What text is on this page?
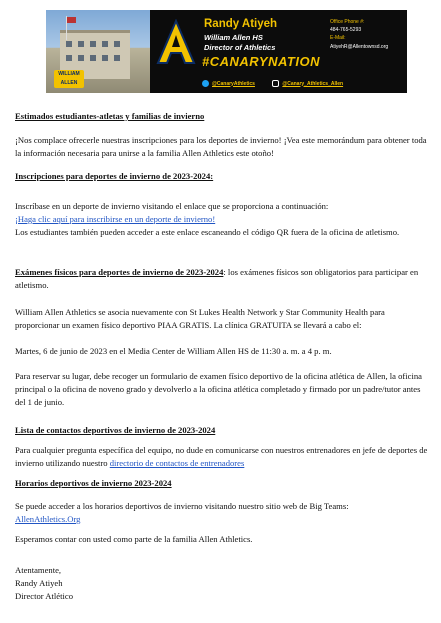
WILLIAM ALLEN
Randy Atiyeh
William Allen HS
Director of Athletics
#CANARYNATION
Office Phone #:
484-765-5293
E-Mail:
AtiyehR@Allentownsd.org
@CanaryAthletics	@Canary_Athletics_Allen

Estimados estudiantes-atletas y familias de invierno

¡Nos complace ofrecerle nuestras inscripciones para los deportes de invierno! ¡Vea este memorándum para obtener toda la información necesaria para unirse a la familia Allen Athletics este otoño!

Inscripciones para deportes de invierno de 2023-2024:

Inscríbase en un deporte de invierno visitando el enlace que se proporciona a continuación:

¡Haga clic aquí para inscribirse en un deporte de invierno!

Los estudiantes también pueden acceder a este enlace escaneando el código QR fuera de la oficina de atletismo.

Exámenes físicos para deportes de invierno de 2023-2024: los exámenes físicos son obligatorios para participar en atletismo.

William Allen Athletics se asocia nuevamente con St Lukes Health Network y Star Community Health para proporcionar un examen físico deportivo PIAA GRATIS. La clínica GRATUITA se llevará a cabo el:

Martes, 6 de junio de 2023 en el Media Center de William Allen HS de 11:30 a. m. a 4 p. m.

Para reservar su lugar, debe recoger un formulario de examen físico deportivo de la oficina atlética de Allen, la oficina principal o la oficina de noveno grado y devolverlo a la oficina atlética completado y firmado por un padre/tutor antes del 1 de junio.

Lista de contactos deportivos de invierno de 2023-2024

Para cualquier pregunta específica del equipo, no dude en comunicarse con nuestros entrenadores en jefe de deportes de invierno utilizando nuestro directorio de contactos de entrenadores

Horarios deportivos de invierno 2023-2024

Se puede acceder a los horarios deportivos de invierno visitando nuestro sitio web de Big Teams:

AllenAthletics.Org

Esperamos contar con usted como parte de la familia Allen Athletics.

Atentamente,

Randy Atiyeh

Director Atlético
